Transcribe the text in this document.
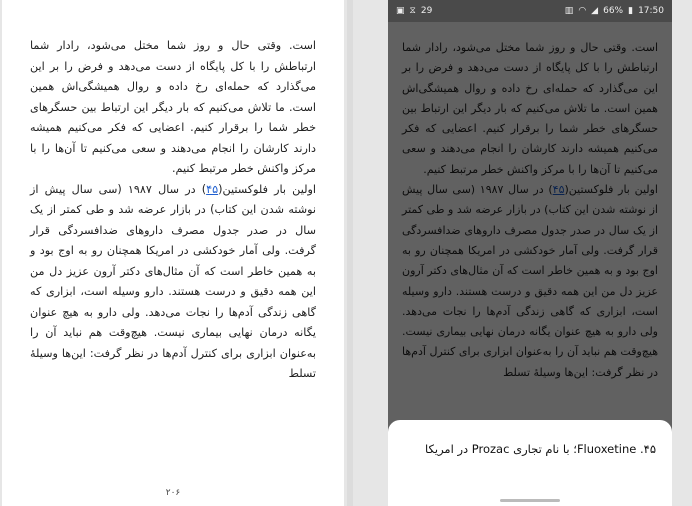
است. وقتی حال و روز شما مختل می‌شود، رادار شما ارتباطش را با کل پایگاه از دست می‌دهد و فرض را بر این می‌گذارد که حمله‌ای رخ داده و روال همیشگی‌اش همین است. ما تلاش می‌کنیم که بار دیگر این ارتباط بین حسگرهای خطر شما را برقرار کنیم. اعضایی که فکر می‌کنیم همیشه دارند کارشان را انجام می‌دهند و سعی می‌کنیم تا آن‌ها را با مرکز واکنش خطر مرتبط کنیم.

اولین بار فلوکستین(۴۵) در سال ۱۹۸۷ (سی سال پیش از نوشته شدن این کتاب) در بازار عرضه شد و طی کمتر از یک سال در صدر جدول مصرف داروهای ضدافسردگی قرار گرفت. ولی آمار خودکشی در امریکا همچنان رو به اوج بود و به همین خاطر است که آن مثال‌های دکتر آرون عزیز دل من این همه دقیق و درست هستند. دارو وسیله است، ابزاری که گاهی زندگی آدم‌ها را نجات می‌دهد. ولی دارو به هیچ عنوان یگانه درمان نهایی بیماری نیست. هیچ‌وقت هم نباید آن را به‌عنوان ابزاری برای کنترل آدم‌ها در نظر گرفت: این‌ها وسیلهٔ تسلط

۲۰۶

▣ ⧖ 29	▥ ◠ ◢ 66% ▮ 17:50
۴۵. Fluoxetine؛ با نام تجاری Prozac در امریکا
